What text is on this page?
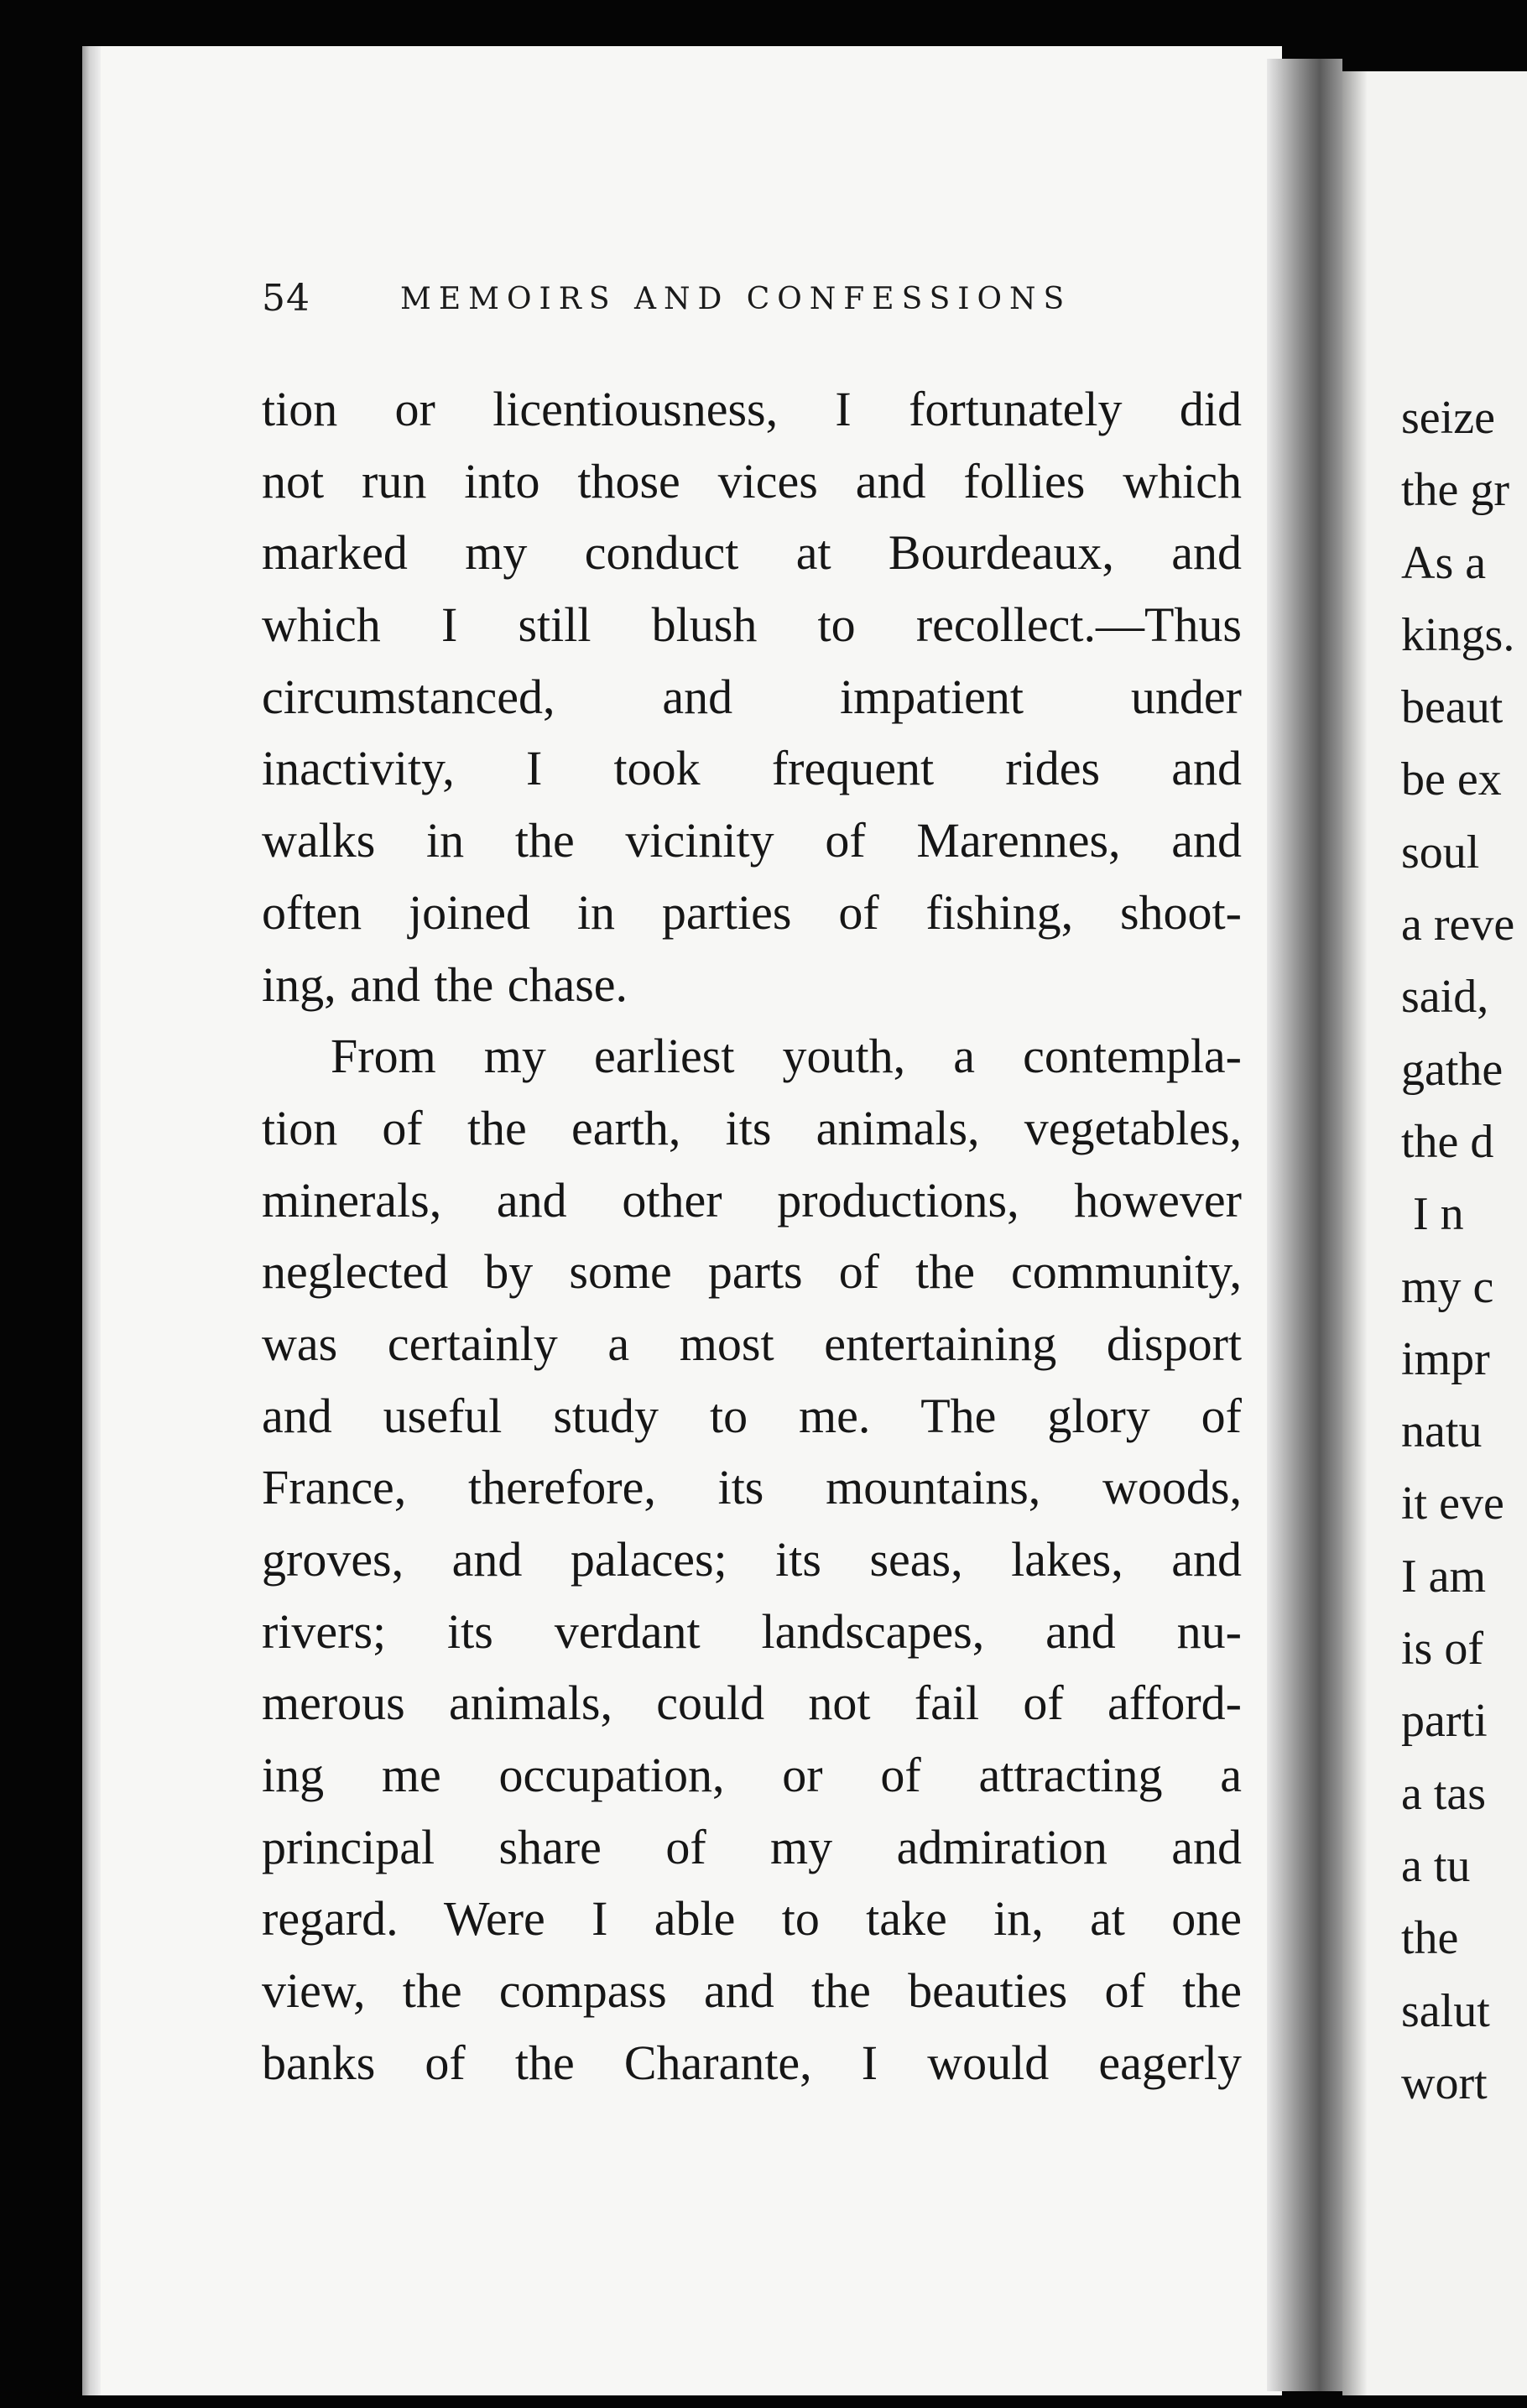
54	MEMOIRS AND CONFESSIONS
tion or licentiousness, I fortunately did
not run into those vices and follies which
marked my conduct at Bourdeaux, and
which I still blush to recollect.—Thus
circumstanced, and impatient under
inactivity, I took frequent rides and
walks in the vicinity of Marennes, and
often joined in parties of fishing, shoot-
ing, and the chase.
From my earliest youth, a contempla-
tion of the earth, its animals, vegetables,
minerals, and other productions, however
neglected by some parts of the community,
was certainly a most entertaining disport
and useful study to me. The glory of
France, therefore, its mountains, woods,
groves, and palaces; its seas, lakes, and
rivers; its verdant landscapes, and nu-
merous animals, could not fail of afford-
ing me occupation, or of attracting a
principal share of my admiration and
regard. Were I able to take in, at one
view, the compass and the beauties of the
banks of the Charante, I would eagerly
seize
the gr
As a
kings.
beaut
be ex
soul
a reve
said,
gathe
the d
I n
my c
impr
natu
it eve
I am
is of
parti
a tas
a tu
the
salut
wort
